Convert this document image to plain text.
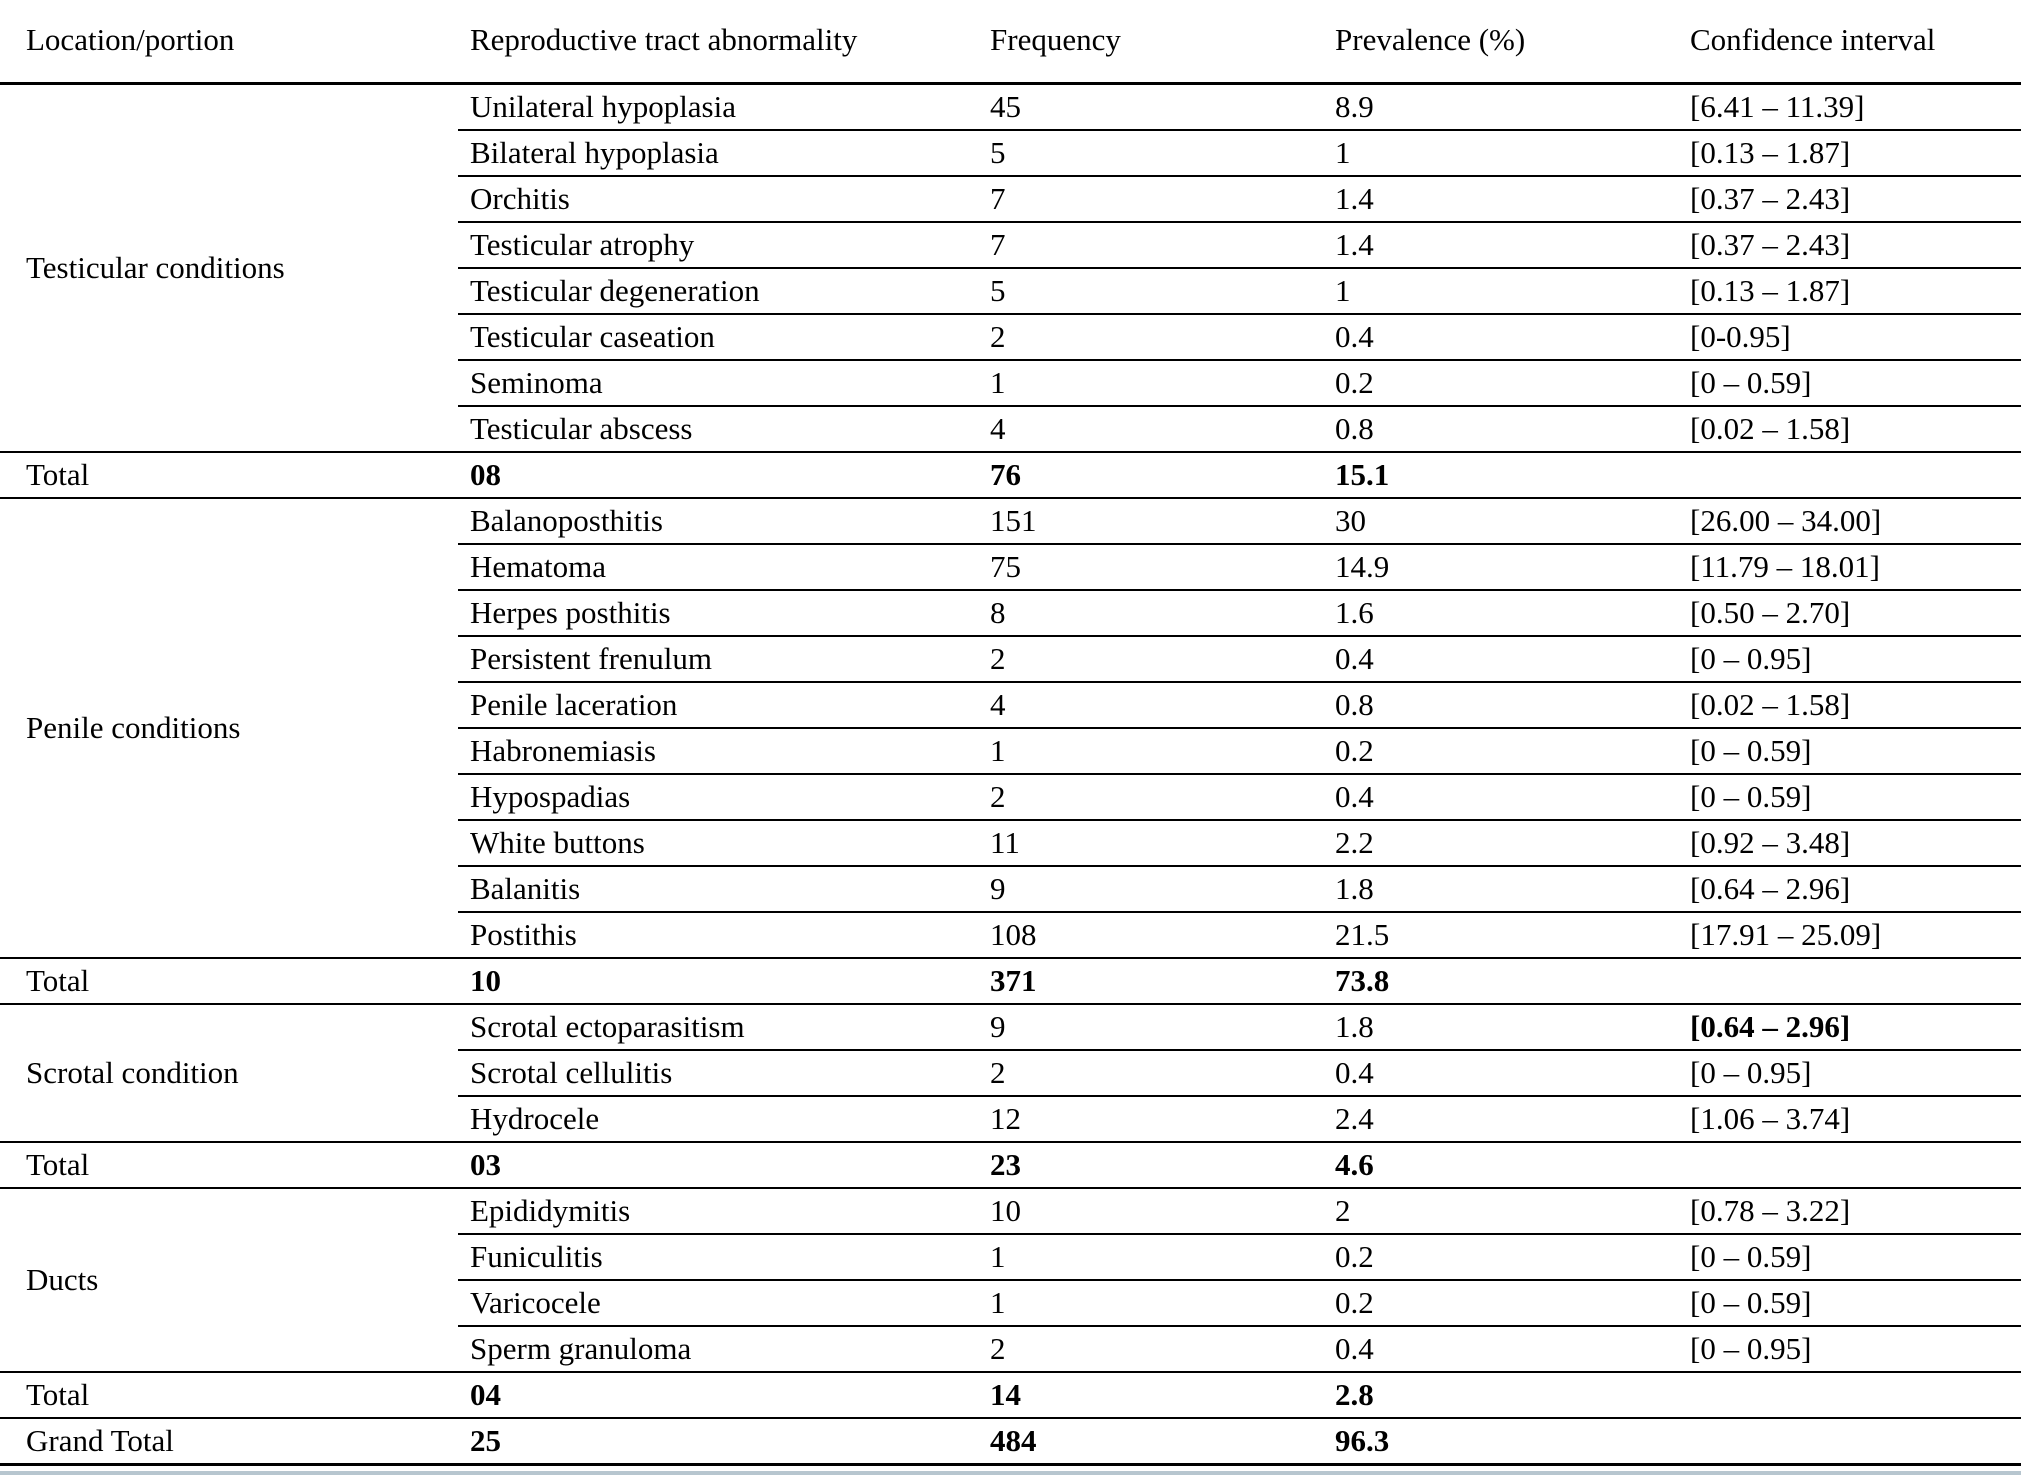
Location/portion	Reproductive tract abnormality	Frequency	Prevalence (%)	Confidence interval
Testicular conditions	Unilateral hypoplasia	45	8.9	[6.41 – 11.39]
	Bilateral hypoplasia	5	1	[0.13 – 1.87]
	Orchitis	7	1.4	[0.37 – 2.43]
	Testicular atrophy	7	1.4	[0.37 – 2.43]
	Testicular degeneration	5	1	[0.13 – 1.87]
	Testicular caseation	2	0.4	[0-0.95]
	Seminoma	1	0.2	[0 – 0.59]
	Testicular abscess	4	0.8	[0.02 – 1.58]
Total	08	76	15.1	
Penile conditions	Balanoposthitis	151	30	[26.00 – 34.00]
	Hematoma	75	14.9	[11.79 – 18.01]
	Herpes posthitis	8	1.6	[0.50 – 2.70]
	Persistent frenulum	2	0.4	[0 – 0.95]
	Penile laceration	4	0.8	[0.02 – 1.58]
	Habronemiasis	1	0.2	[0 – 0.59]
	Hypospadias	2	0.4	[0 – 0.59]
	White buttons	11	2.2	[0.92 – 3.48]
	Balanitis	9	1.8	[0.64 – 2.96]
	Postithis	108	21.5	[17.91 – 25.09]
Total	10	371	73.8	
Scrotal condition	Scrotal ectoparasitism	9	1.8	[0.64 – 2.96]
	Scrotal cellulitis	2	0.4	[0 – 0.95]
	Hydrocele	12	2.4	[1.06 – 3.74]
Total	03	23	4.6	
Ducts	Epididymitis	10	2	[0.78 – 3.22]
	Funiculitis	1	0.2	[0 – 0.59]
	Varicocele	1	0.2	[0 – 0.59]
	Sperm granuloma	2	0.4	[0 – 0.95]
Total	04	14	2.8	
Grand Total	25	484	96.3	
